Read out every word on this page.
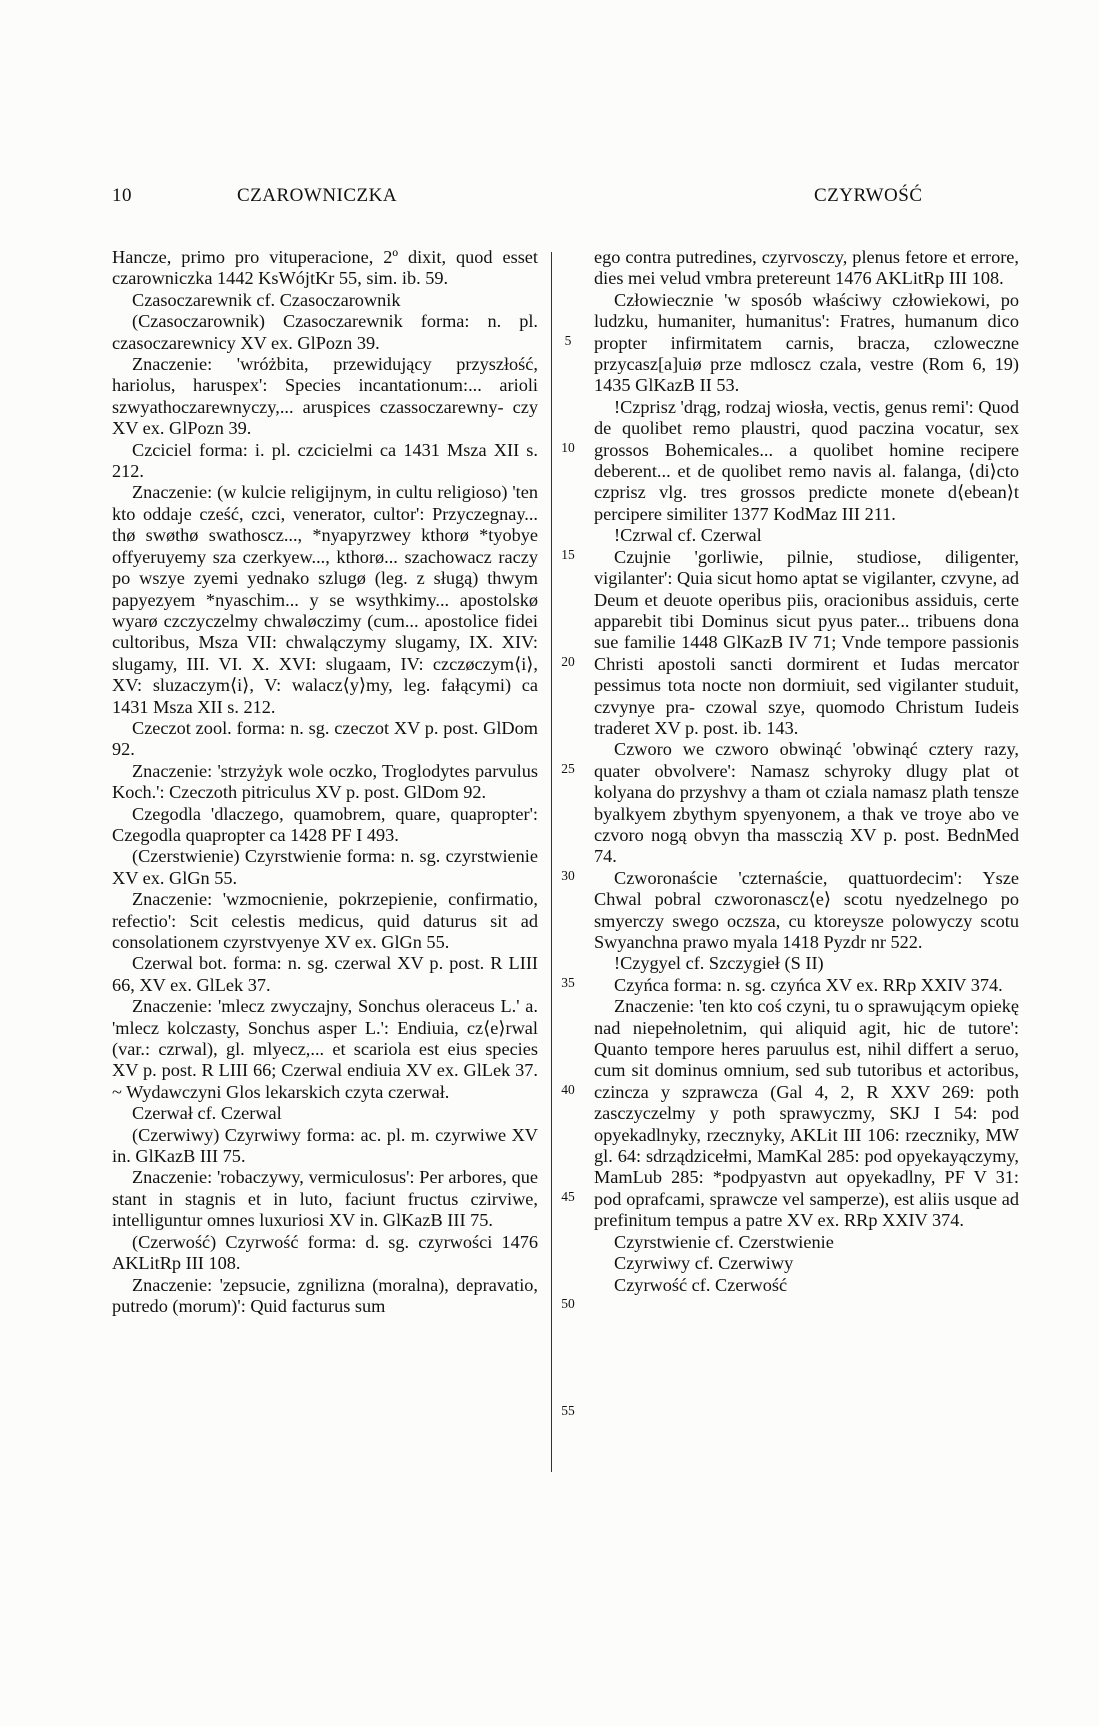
10	CZAROWNICZKA	CZYRWOŚĆ

Hancze, primo pro vituperacione, 2º dixit, quod esset czarowniczka 1442 KsWójtKr 55, sim. ib. 59.

Czasoczarewnik cf. Czasoczarownik

(Czasoczarownik) Czasoczarewnik forma: n. pl. czasoczarewnicy XV ex. GlPozn 39.

Znaczenie: 'wróżbita, przewidujący przyszłość, hariolus, haruspex': Species incantationum:... arioli szwyathoczarewnyczy,... aruspices czassoczarewny- czy XV ex. GlPozn 39.

Czciciel forma: i. pl. czcicielmi ca 1431 Msza XII s. 212.

Znaczenie: (w kulcie religijnym, in cultu religioso) 'ten kto oddaje cześć, czci, venerator, cultor': Przyczegnay... thø swøthø swathoscz..., *nyapyrzwey kthorø *tyobye offyeruyemy sza czerkyew..., kthorø... szachowacz raczy po wszye zyemi yednako szlugø (leg. z sługą) thwym papyezyem *nyaschim... y se wsythkimy... apostolskø wyarø czczyczelmy chwaløczimy (cum... apostolice fidei cultoribus, Msza VII: chwalączymy slugamy, IX. XIV: slugamy, III. VI. X. XVI: slugaam, IV: czczøczym⟨i⟩, XV: sluzaczym⟨i⟩, V: walacz⟨y⟩my, leg. fałącymi) ca 1431 Msza XII s. 212.

Czeczot zool. forma: n. sg. czeczot XV p. post. GlDom 92.

Znaczenie: 'strzyżyk wole oczko, Troglodytes parvulus Koch.': Czeczoth pitriculus XV p. post. GlDom 92.

Czegodla 'dlaczego, quamobrem, quare, quapropter': Czegodla quapropter ca 1428 PF I 493.

(Czerstwienie) Czyrstwienie forma: n. sg. czyrstwienie XV ex. GlGn 55.

Znaczenie: 'wzmocnienie, pokrzepienie, confirmatio, refectio': Scit celestis medicus, quid daturus sit ad consolationem czyrstvyenye XV ex. GlGn 55.

Czerwal bot. forma: n. sg. czerwal XV p. post. R LIII 66, XV ex. GlLek 37.

Znaczenie: 'mlecz zwyczajny, Sonchus oleraceus L.' a. 'mlecz kolczasty, Sonchus asper L.': Endiuia, cz⟨e⟩rwal (var.: czrwal), gl. mlyecz,... et scariola est eius species XV p. post. R LIII 66; Czerwal endiuia XV ex. GlLek 37. ~ Wydawczyni Glos lekarskich czyta czerwał.

Czerwał cf. Czerwal

(Czerwiwy) Czyrwiwy forma: ac. pl. m. czyrwiwe XV in. GlKazB III 75.

Znaczenie: 'robaczywy, vermiculosus': Per arbores, que stant in stagnis et in luto, faciunt fructus czirviwe, intelliguntur omnes luxuriosi XV in. GlKazB III 75.

(Czerwość) Czyrwość forma: d. sg. czyrwości 1476 AKLitRp III 108.

Znaczenie: 'zepsucie, zgnilizna (moralna), depravatio, putredo (morum)': Quid facturus sum

5
10
15
20
25
30
35
40
45
50
55

ego contra putredines, czyrvosczy, plenus fetore et errore, dies mei velud vmbra pretereunt 1476 AKLitRp III 108.

Człowiecznie 'w sposób właściwy człowiekowi, po ludzku, humaniter, humanitus': Fratres, humanum dico propter infirmitatem carnis, bracza, czloweczne przycasz[a]uiø prze mdloscz czala, vestre (Rom 6, 19) 1435 GlKazB II 53.

!Czprisz 'drąg, rodzaj wiosła, vectis, genus remi': Quod de quolibet remo plaustri, quod paczina vocatur, sex grossos Bohemicales... a quolibet homine recipere deberent... et de quolibet remo navis al. falanga, ⟨di⟩cto czprisz vlg. tres grossos predicte monete d⟨ebean⟩t percipere similiter 1377 KodMaz III 211.

!Czrwal cf. Czerwal

Czujnie 'gorliwie, pilnie, studiose, diligenter, vigilanter': Quia sicut homo aptat se vigilanter, czvyne, ad Deum et deuote operibus piis, oracionibus assiduis, certe apparebit tibi Dominus sicut pyus pater... tribuens dona sue familie 1448 GlKazB IV 71; Vnde tempore passionis Christi apostoli sancti dormirent et Iudas mercator pessimus tota nocte non dormiuit, sed vigilanter studuit, czvynye pra- czowal szye, quomodo Christum Iudeis traderet XV p. post. ib. 143.

Czworo we czworo obwinąć 'obwinąć cztery razy, quater obvolvere': Namasz schyroky dlugy plat ot kolyana do przyshvy a tham ot cziala namasz plath tensze byalkyem zbythym spyenyonem, a thak ve troye abo ve czvoro nogą obvyn tha massczią XV p. post. BednMed 74.

Czworonaście 'czternaście, quattuordecim': Ysze Chwal pobral czworonascz⟨e⟩ scotu nyedzelnego po smyerczy swego oczsza, cu ktoreysze polowyczy scotu Swyanchna prawo myala 1418 Pyzdr nr 522.

!Czygyel cf. Szczygieł (S II)

Czyńca forma: n. sg. czyńca XV ex. RRp XXIV 374.

Znaczenie: 'ten kto coś czyni, tu o sprawującym opiekę nad niepełnoletnim, qui aliquid agit, hic de tutore': Quanto tempore heres paruulus est, nihil differt a seruo, cum sit dominus omnium, sed sub tutoribus et actoribus, czincza y szprawcza (Gal 4, 2, R XXV 269: poth zasczyczelmy y poth sprawyczmy, SKJ I 54: pod opyekadlnyky, rzecznyky, AKLit III 106: rzeczniky, MW gl. 64: sdrządzicełmi, MamKal 285: pod opyekayączymy, MamLub 285: *podpyastvn aut opyekadlny, PF V 31: pod oprafcami, sprawcze vel samperze), est aliis usque ad prefinitum tempus a patre XV ex. RRp XXIV 374.

Czyrstwienie cf. Czerstwienie

Czyrwiwy cf. Czerwiwy

Czyrwość cf. Czerwość
